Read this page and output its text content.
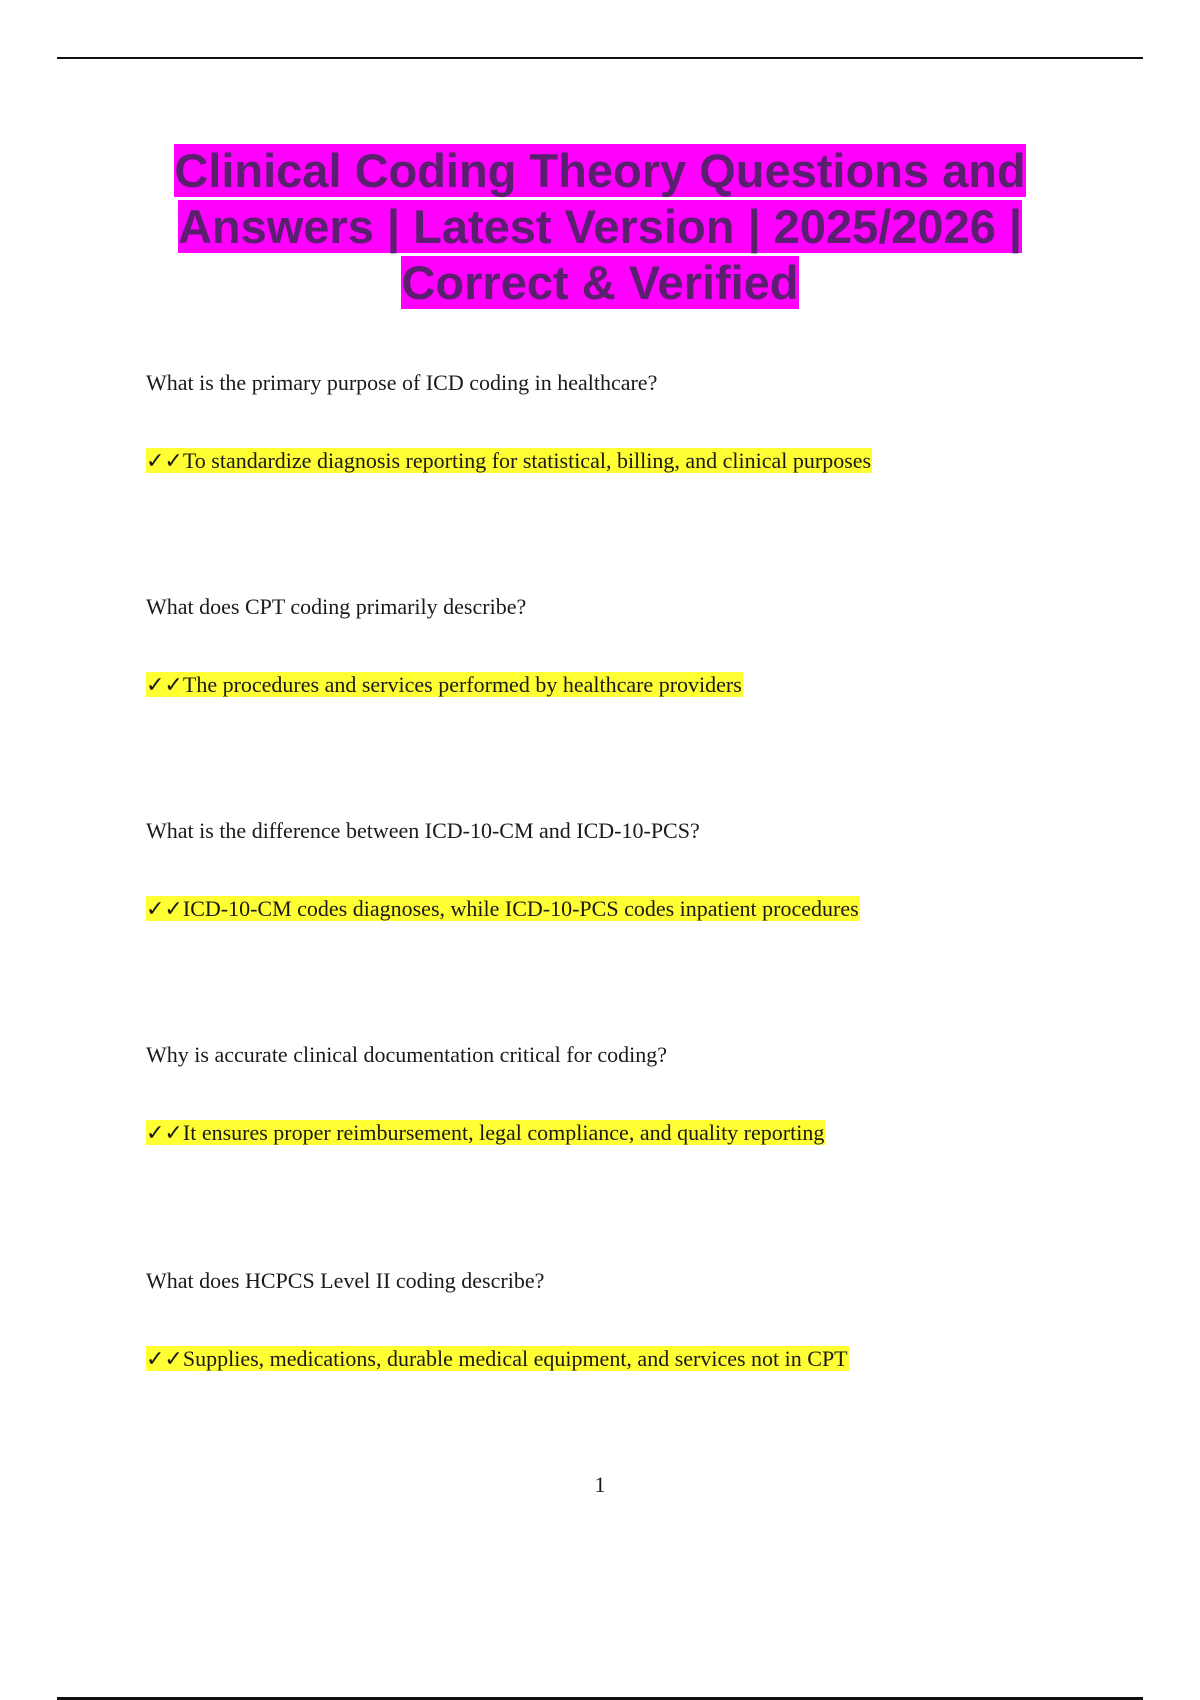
Clinical Coding Theory Questions and
Answers | Latest Version | 2025/2026 |
Correct & Verified
What is the primary purpose of ICD coding in healthcare?
✓✓To standardize diagnosis reporting for statistical, billing, and clinical purposes
What does CPT coding primarily describe?
✓✓The procedures and services performed by healthcare providers
What is the difference between ICD-10-CM and ICD-10-PCS?
✓✓ICD-10-CM codes diagnoses, while ICD-10-PCS codes inpatient procedures
Why is accurate clinical documentation critical for coding?
✓✓It ensures proper reimbursement, legal compliance, and quality reporting
What does HCPCS Level II coding describe?
✓✓Supplies, medications, durable medical equipment, and services not in CPT
1
